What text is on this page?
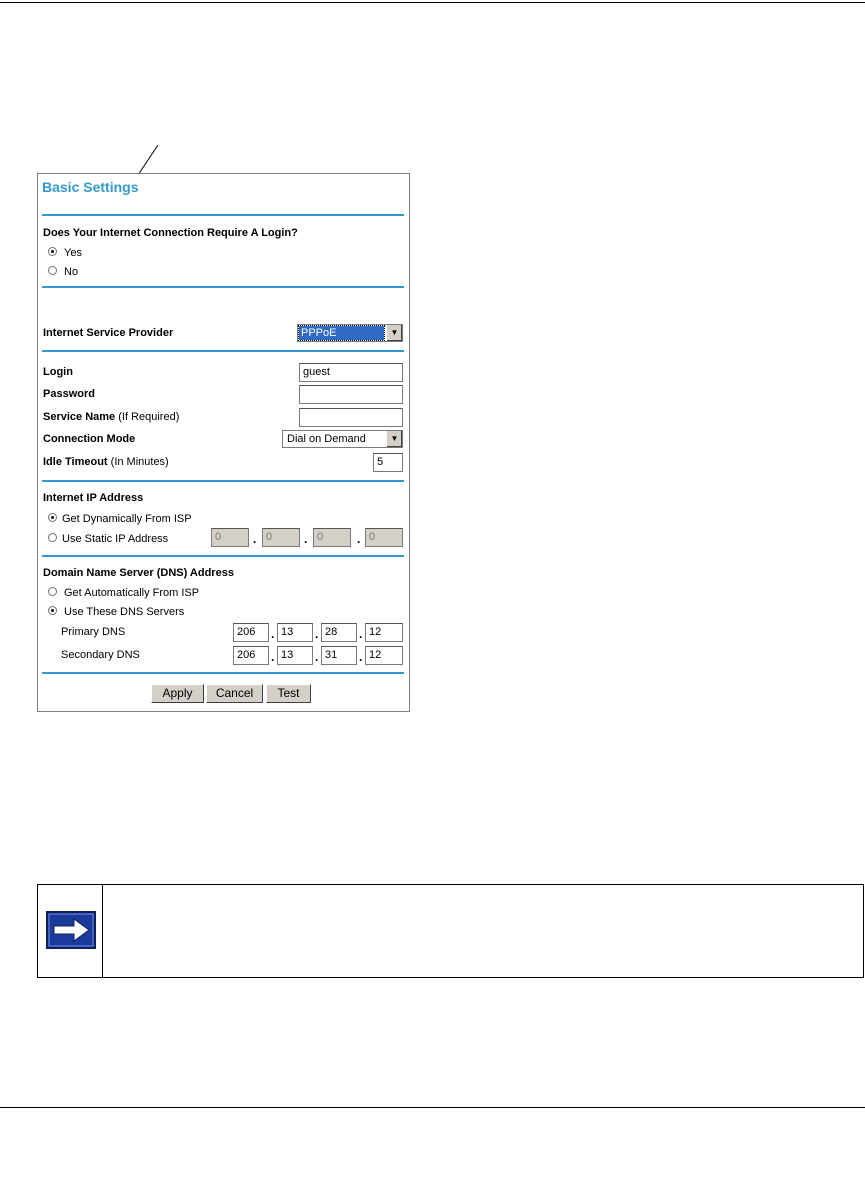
Basic Settings
Does Your Internet Connection Require A Login?
Yes
No
Internet Service Provider	PPPoE	▼
Login	guest
Password
Service Name (If Required)
Connection Mode	Dial on Demand	▼
Idle Timeout (In Minutes)	5
Internet IP Address
Get Dynamically From ISP
Use Static IP Address	0	. 0	. 0	. 0
Domain Name Server (DNS) Address
Get Automatically From ISP
Use These DNS Servers
Primary DNS	206	. 13	. 28	. 12
Secondary DNS	206	. 13	. 31	. 12
Apply	Cancel	Test
